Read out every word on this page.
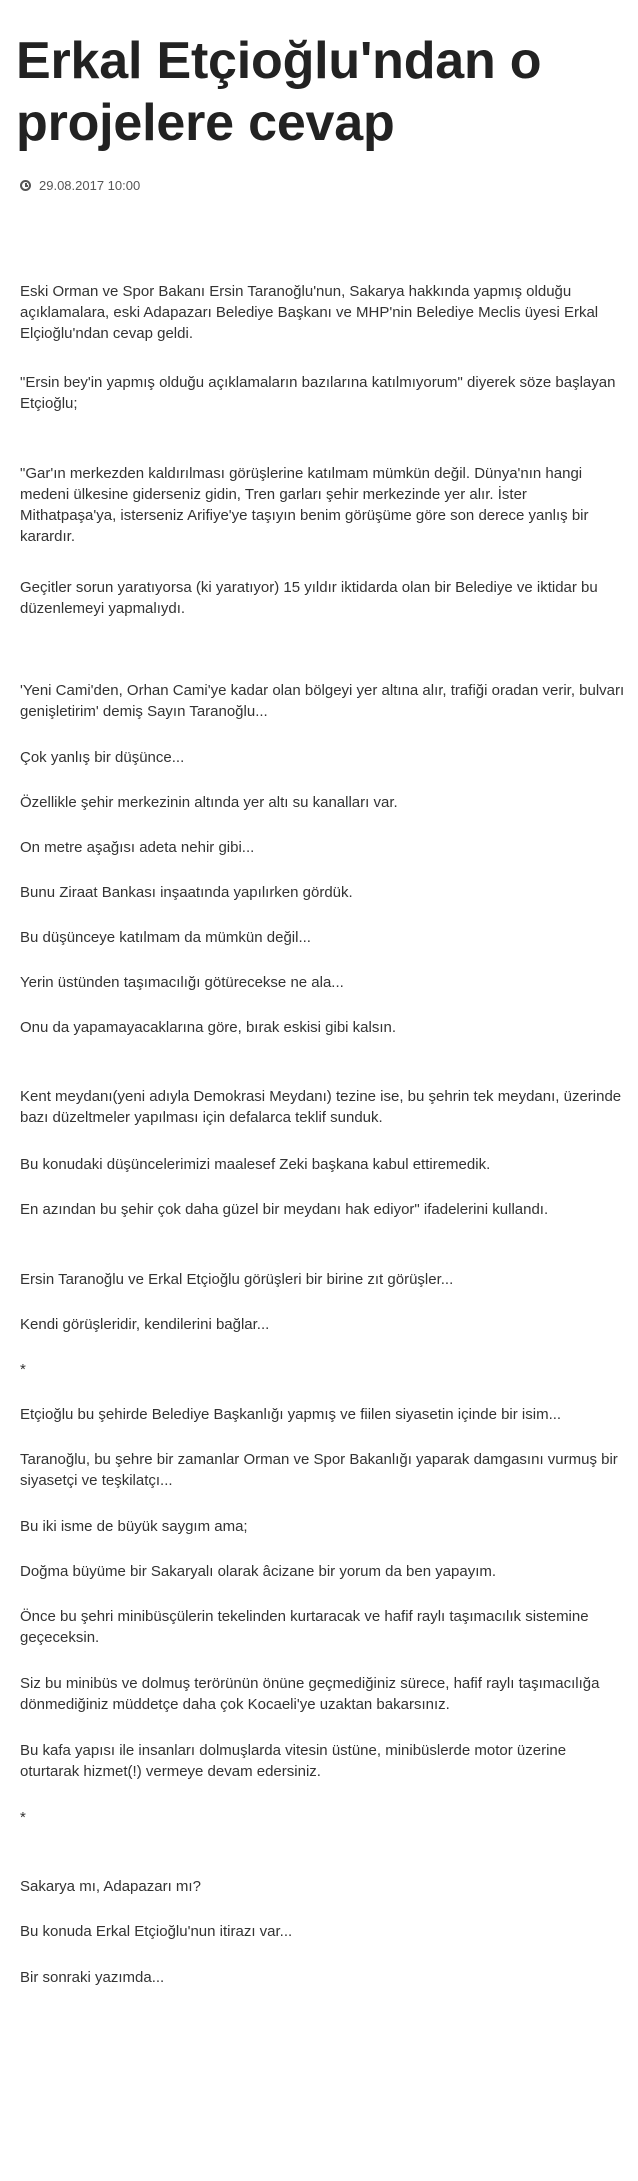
Erkal Etçioğlu'ndan o projelere cevap
29.08.2017 10:00

Eski Orman ve Spor Bakanı Ersin Taranoğlu'nun, Sakarya hakkında yapmış olduğu açıklamalara, eski Adapazarı Belediye Başkanı ve MHP'nin Belediye Meclis üyesi Erkal Elçioğlu'ndan cevap geldi.

"Ersin bey'in yapmış olduğu açıklamaların bazılarına katılmıyorum" diyerek söze başlayan Etçioğlu;

"Gar'ın merkezden kaldırılması görüşlerine katılmam mümkün değil. Dünya'nın hangi medeni ülkesine giderseniz gidin, Tren garları şehir merkezinde yer alır. İster Mithatpaşa'ya, isterseniz Arifiye'ye taşıyın benim görüşüme göre son derece yanlış bir karardır.

Geçitler sorun yaratıyorsa (ki yaratıyor) 15 yıldır iktidarda olan bir Belediye ve iktidar bu düzenlemeyi yapmalıydı.

'Yeni Cami'den, Orhan Cami'ye kadar olan bölgeyi yer altına alır, trafiği oradan verir, bulvarı genişletirim' demiş Sayın Taranoğlu...

Çok yanlış bir düşünce...

Özellikle şehir merkezinin altında yer altı su kanalları var.

On metre aşağısı adeta nehir gibi...

Bunu Ziraat Bankası inşaatında yapılırken gördük.

Bu düşünceye katılmam da mümkün değil...

Yerin üstünden taşımacılığı götürecekse ne ala...

Onu da yapamayacaklarına göre, bırak eskisi gibi kalsın.

Kent meydanı(yeni adıyla Demokrasi Meydanı) tezine ise, bu şehrin tek meydanı, üzerinde bazı düzeltmeler yapılması için defalarca teklif sunduk.

Bu konudaki düşüncelerimizi maalesef Zeki başkana kabul ettiremedik.

En azından bu şehir çok daha güzel bir meydanı hak ediyor" ifadelerini kullandı.

Ersin Taranoğlu ve Erkal Etçioğlu görüşleri bir birine zıt görüşler...

Kendi görüşleridir, kendilerini bağlar...

*

Etçioğlu bu şehirde Belediye Başkanlığı yapmış ve fiilen siyasetin içinde bir isim...

Taranoğlu, bu şehre bir zamanlar Orman ve Spor Bakanlığı yaparak damgasını vurmuş bir siyasetçi ve teşkilatçı...

Bu iki isme de büyük saygım ama;

Doğma büyüme bir Sakaryalı olarak âcizane bir yorum da ben yapayım.

Önce bu şehri minibüsçülerin tekelinden kurtaracak ve hafif raylı taşımacılık sistemine geçeceksin.

Siz bu minibüs ve dolmuş terörünün önüne geçmediğiniz sürece, hafif raylı taşımacılığa dönmediğiniz müddetçe daha çok Kocaeli'ye uzaktan bakarsınız.

Bu kafa yapısı ile insanları dolmuşlarda vitesin üstüne, minibüslerde motor üzerine oturtarak hizmet(!) vermeye devam edersiniz.

*

Sakarya mı, Adapazarı mı?

Bu konuda Erkal Etçioğlu'nun itirazı var...

Bir sonraki yazımda...
